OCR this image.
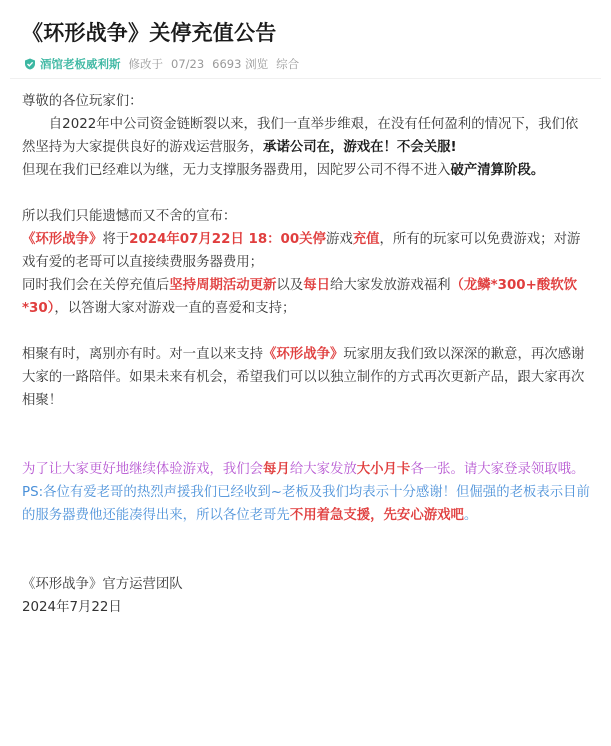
《环形战争》关停充值公告
酒馆老板威利斯 修改于 07/23 6693 浏览 综合

尊敬的各位玩家们：

自2022年中公司资金链断裂以来，我们一直举步维艰，在没有任何盈利的情况下，我们依然坚持为大家提供良好的游戏运营服务，承诺公司在，游戏在！不会关服!

但现在我们已经难以为继，无力支撑服务器费用，因陀罗公司不得不进入破产清算阶段。

所以我们只能遗憾而又不舍的宣布：

《环形战争》将于2024年07月22日 18：00关停游戏充值，所有的玩家可以免费游戏；对游戏有爱的老哥可以直接续费服务器费用；

同时我们会在关停充值后坚持周期活动更新以及每日给大家发放游戏福利（龙鳞*300+酸软饮*30），以答谢大家对游戏一直的喜爱和支持；

相聚有时，离别亦有时。对一直以来支持《环形战争》玩家朋友我们致以深深的歉意，再次感谢大家的一路陪伴。如果未来有机会，希望我们可以以独立制作的方式再次更新产品，跟大家再次相聚！

为了让大家更好地继续体验游戏，我们会每月给大家发放大小月卡各一张。请大家登录领取哦。

PS:各位有爱老哥的热烈声援我们已经收到~老板及我们均表示十分感谢！但倔强的老板表示目前的服务器费他还能凑得出来，所以各位老哥先不用着急支援，先安心游戏吧。

《环形战争》官方运营团队

2024年7月22日
